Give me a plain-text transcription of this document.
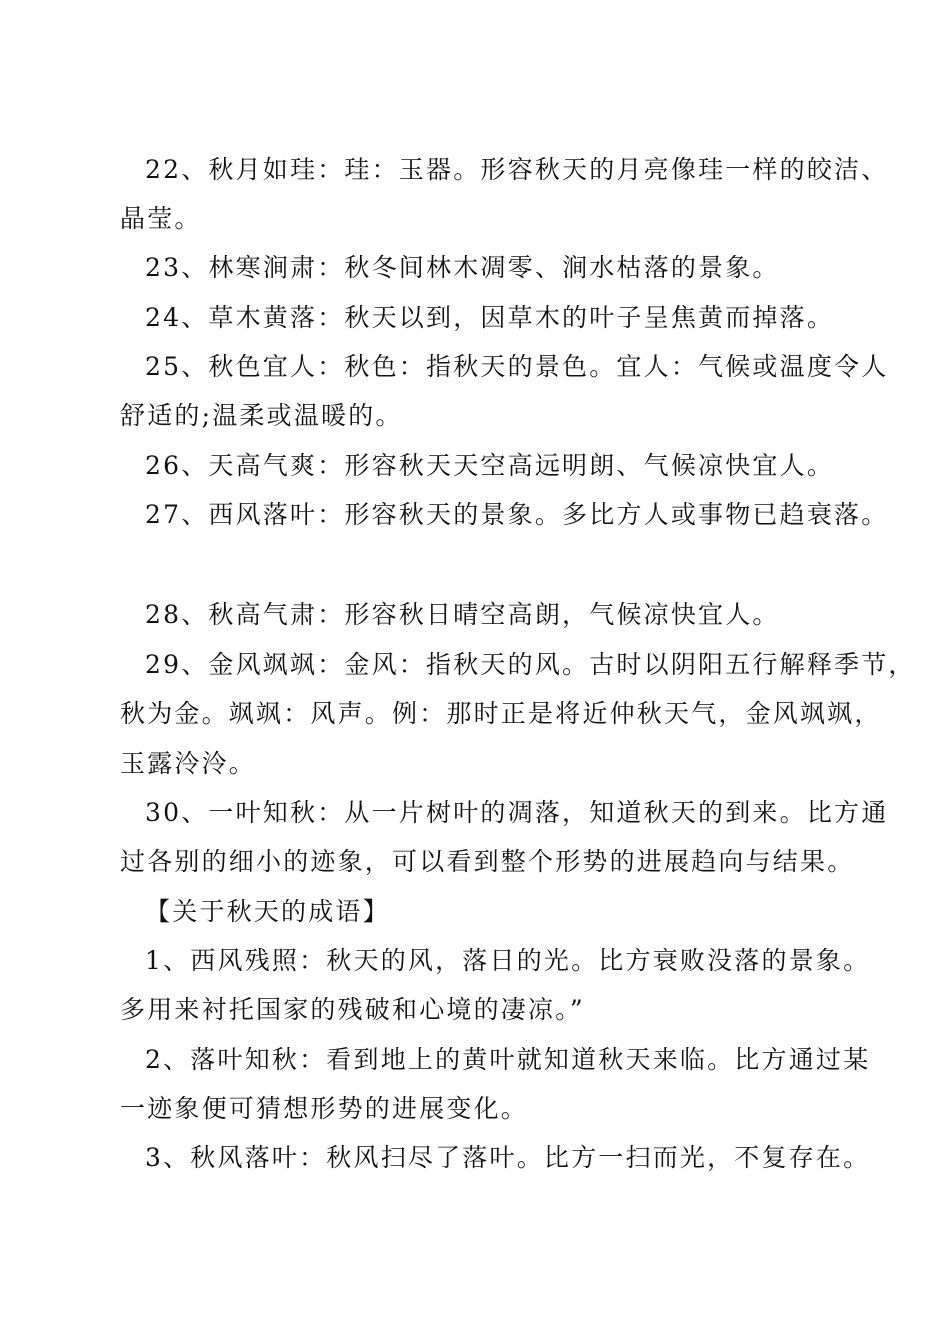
22、秋月如珪：珪：玉器。形容秋天的月亮像珪一样的皎洁、
晶莹。
23、林寒涧肃：秋冬间林木凋零、涧水枯落的景象。
24、草木黄落：秋天以到，因草木的叶子呈焦黄而掉落。
25、秋色宜人：秋色：指秋天的景色。宜人：气候或温度令人
舒适的;温柔或温暖的。
26、天高气爽：形容秋天天空高远明朗、气候凉快宜人。
27、西风落叶：形容秋天的景象。多比方人或事物已趋衰落。
28、秋高气肃：形容秋日晴空高朗，气候凉快宜人。
29、金风飒飒：金风：指秋天的风。古时以阴阳五行解释季节，
秋为金。飒飒：风声。例：那时正是将近仲秋天气，金风飒飒，
玉露泠泠。
30、一叶知秋：从一片树叶的凋落，知道秋天的到来。比方通
过各别的细小的迹象，可以看到整个形势的进展趋向与结果。
【关于秋天的成语】
1、西风残照：秋天的风，落日的光。比方衰败没落的景象。
多用来衬托国家的残破和心境的凄凉。”
2、落叶知秋：看到地上的黄叶就知道秋天来临。比方通过某
一迹象便可猜想形势的进展变化。
3、秋风落叶：秋风扫尽了落叶。比方一扫而光，不复存在。
